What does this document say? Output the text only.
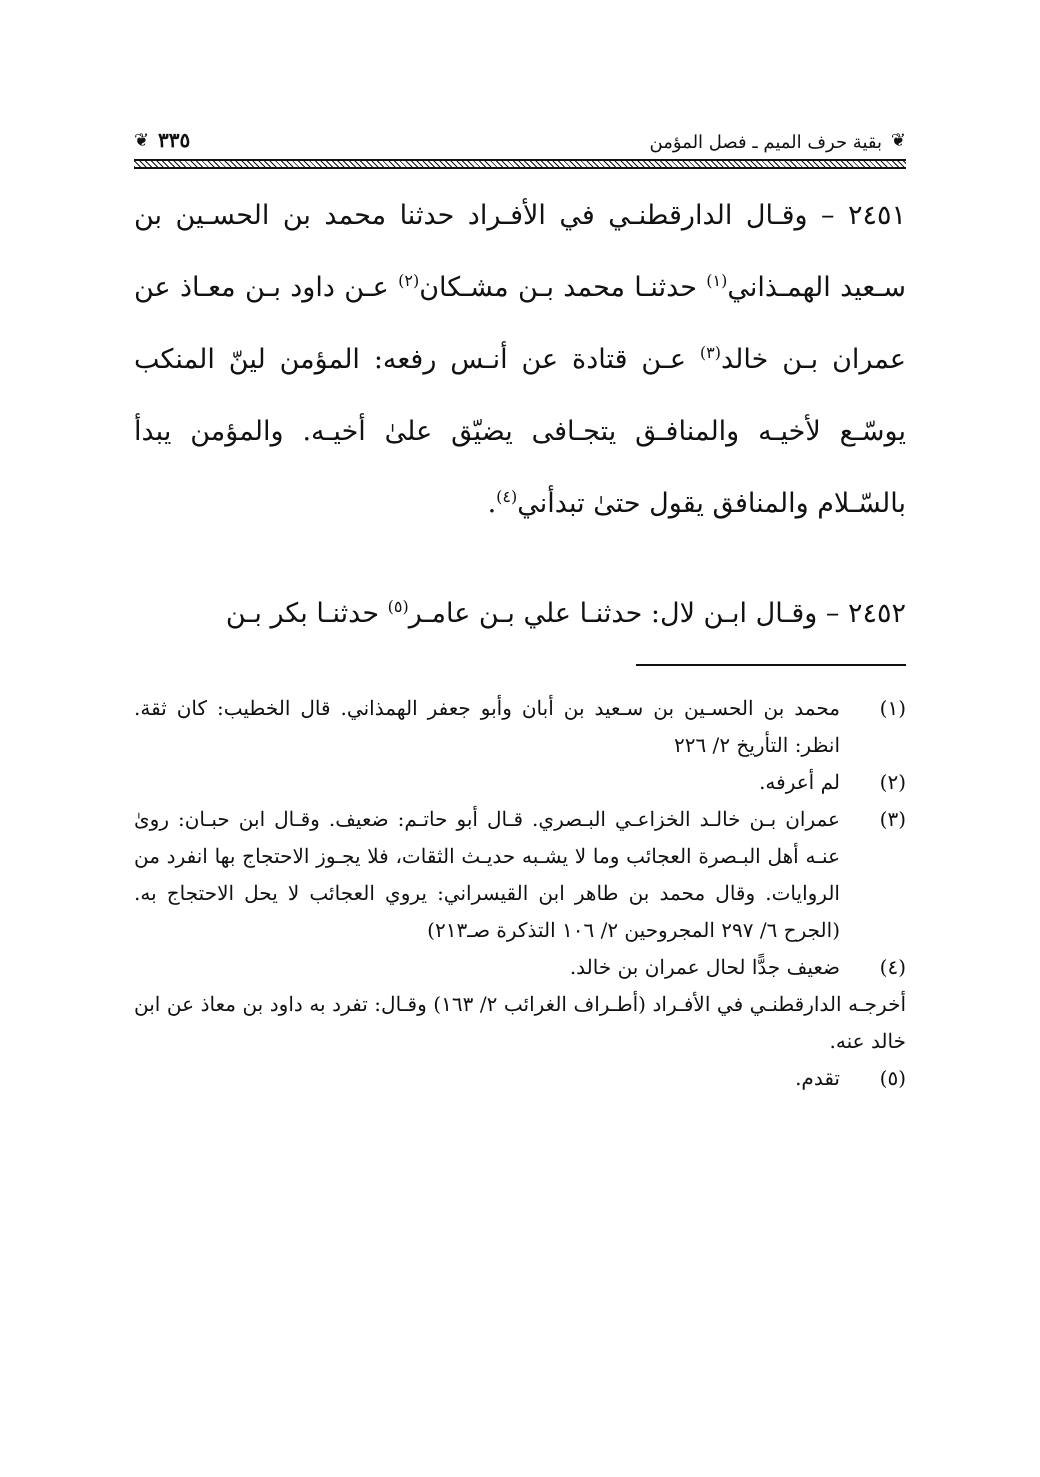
❦
بقية حرف الميم ـ فصل المؤمن
٣٣٥
❦

٢٤٥١ – وقـال الدارقطنـي في الأفـراد حدثنا محمد بن الحسـين بن سـعيد الهمـذاني$^{(١)}$ حدثنـا محمد بـن مشـكان$^{(٢)}$ عـن داود بـن معـاذ عن عمران بـن خالد$^{(٣)}$ عـن قتادة عن أنـس رفعه: المؤمن لينّ المنكب يوسّـع لأخيـه والمنافـق يتجـافى يضيّق علىٰ أخيـه. والمؤمن يبدأ بالسّـلام والمنافق يقول حتىٰ تبدأني$^{(٤)}$.

٢٤٥٢ – وقـال ابـن لال: حدثنـا علي بـن عامـر$^{(٥)}$ حدثنـا بكر بـن

(١)
محمد بن الحسـين بن سـعيد بن أبان وأبو جعفر الهمذاني. قال الخطيب: كان ثقة. انظر: التأريخ ٢/ ٢٢٦
(٢)
لم أعرفه.
(٣)
عمران بـن خالـد الخزاعـي البـصري. قـال أبو حاتـم: ضعيف. وقـال ابن حبـان: روىٰ عنـه أهل البـصرة العجائب وما لا يشـبه حديـث الثقات، فلا يجـوز الاحتجاج بها انفرد من الروايات. وقال محمد بن طاهر ابن القيسراني: يروي العجائب لا يحل الاحتجاج به. (الجرح ٦/ ٢٩٧ المجروحين ٢/ ١٠٦ التذكرة صـ٢١٣)
(٤)
ضعيف جدًّا لحال عمران بن خالد.
أخرجـه الدارقطنـي في الأفـراد (أطـراف الغرائب ٢/ ١٦٣) وقـال: تفرد به داود بن معاذ عن ابن خالد عنه.
(٥)
تقدم.
